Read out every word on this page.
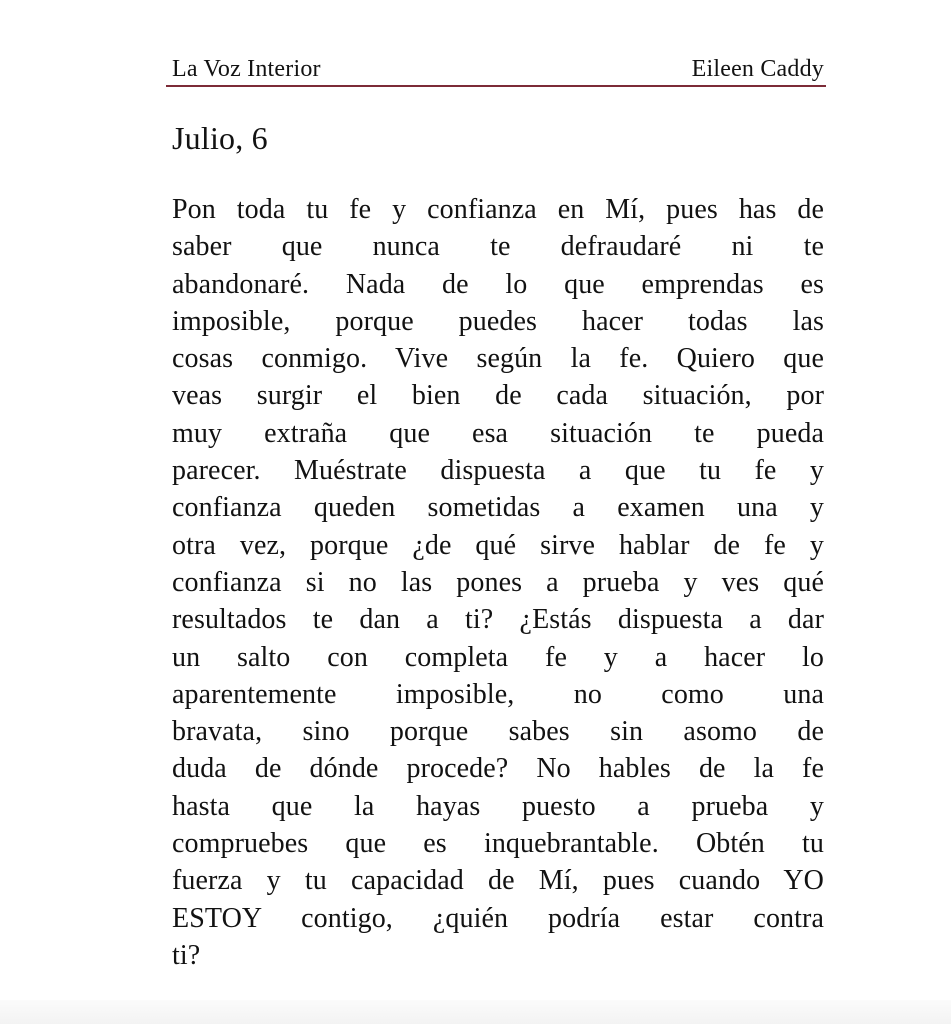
La Voz Interior	Eileen Caddy
Julio, 6
Pon toda tu fe y confianza en Mí, pues has de
saber que nunca te defraudaré ni te
abandonaré. Nada de lo que emprendas es
imposible, porque puedes hacer todas las
cosas conmigo. Vive según la fe. Quiero que
veas surgir el bien de cada situación, por
muy extraña que esa situación te pueda
parecer. Muéstrate dispuesta a que tu fe y
confianza queden sometidas a examen una y
otra vez, porque ¿de qué sirve hablar de fe y
confianza si no las pones a prueba y ves qué
resultados te dan a ti? ¿Estás dispuesta a dar
un salto con completa fe y a hacer lo
aparentemente imposible, no como una
bravata, sino porque sabes sin asomo de
duda de dónde procede? No hables de la fe
hasta que la hayas puesto a prueba y
compruebes que es inquebrantable. Obtén tu
fuerza y tu capacidad de Mí, pues cuando YO
ESTOY contigo, ¿quién podría estar contra
ti?
